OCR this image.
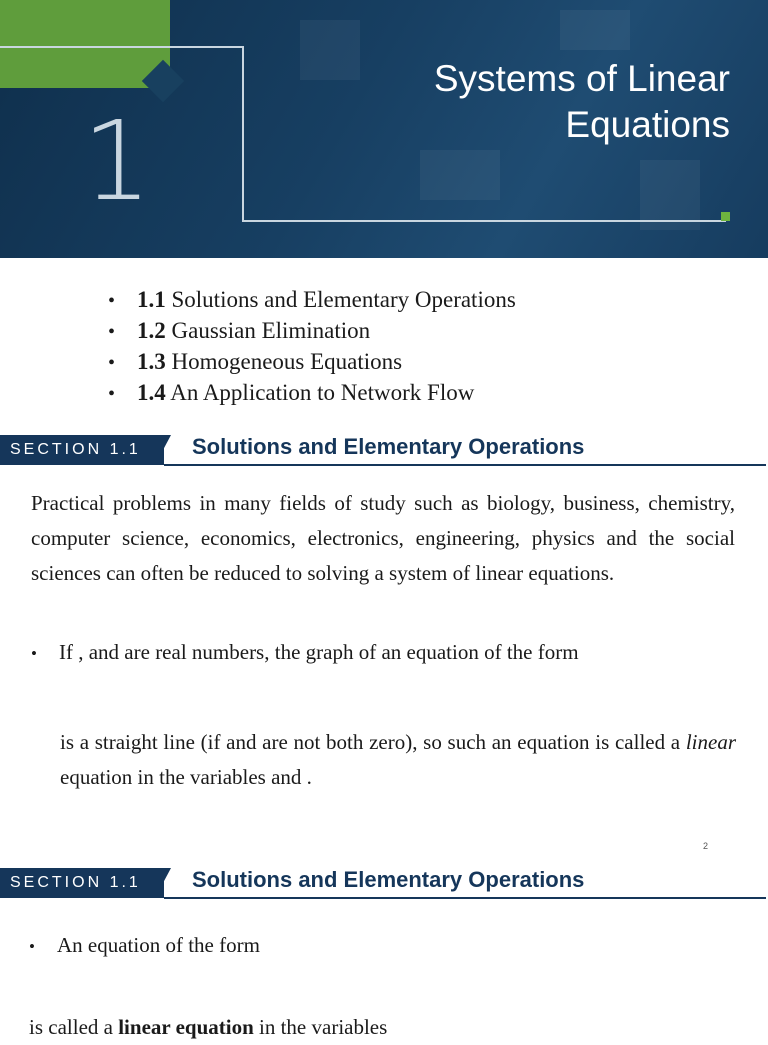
1
Systems of Linear
Equations
• 1.1 Solutions and Elementary Operations
• 1.2 Gaussian Elimination
• 1.3 Homogeneous Equations
• 1.4 An Application to Network Flow
SECTION 1.1	Solutions and Elementary Operations
Practical problems in many fields of study such as biology, business, chemistry, computer science, economics, electronics, engineering, physics and the social sciences can often be reduced to solving a system of linear equations.
• If , and are real numbers, the graph of an equation of the form
is a straight line (if and are not both zero), so such an equation is called a linear equation in the variables and .
2
SECTION 1.1	Solutions and Elementary Operations
• An equation of the form
is called a linear equation in the variables
